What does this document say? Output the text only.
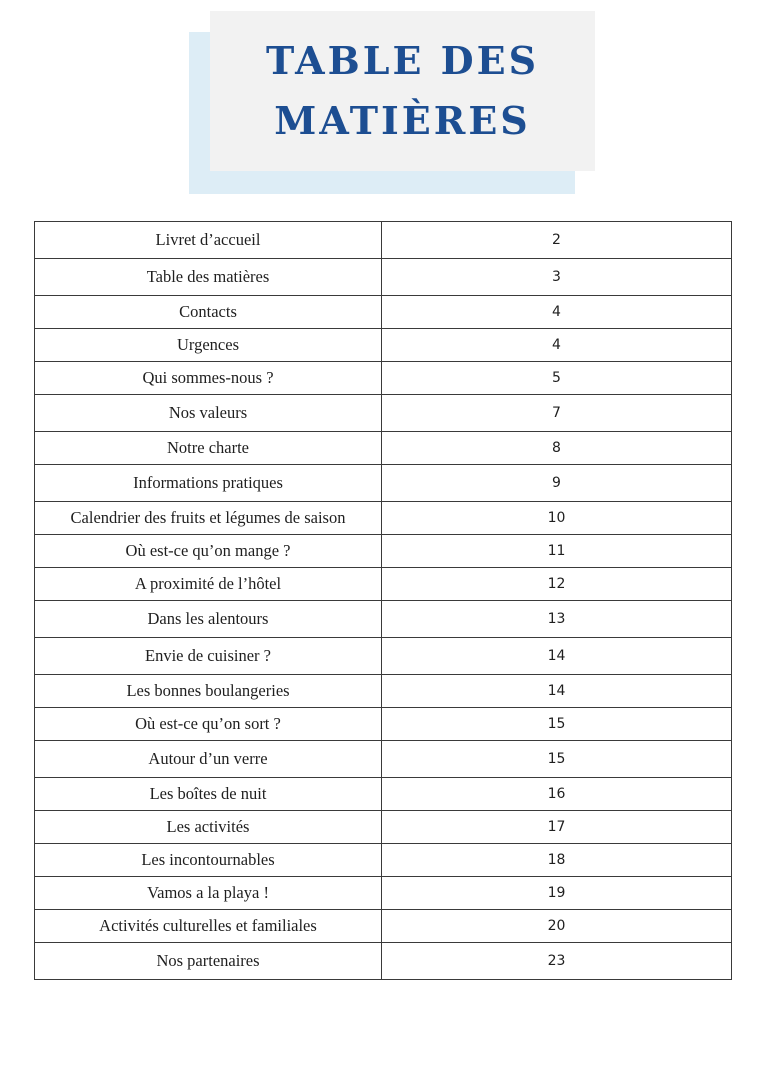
TABLE DES
MATIÈRES
Livret d’accueil	2
Table des matières	3
Contacts	4
Urgences	4
Qui sommes-nous ?	5
Nos valeurs	7
Notre charte	8
Informations pratiques	9
Calendrier des fruits et légumes de saison	10
Où est-ce qu’on mange ?	11
A proximité de l’hôtel	12
Dans les alentours	13
Envie de cuisiner ?	14
Les bonnes boulangeries	14
Où est-ce qu’on sort ?	15
Autour d’un verre	15
Les boîtes de nuit	16
Les activités	17
Les incontournables	18
Vamos a la playa !	19
Activités culturelles et familiales	20
Nos partenaires	23
